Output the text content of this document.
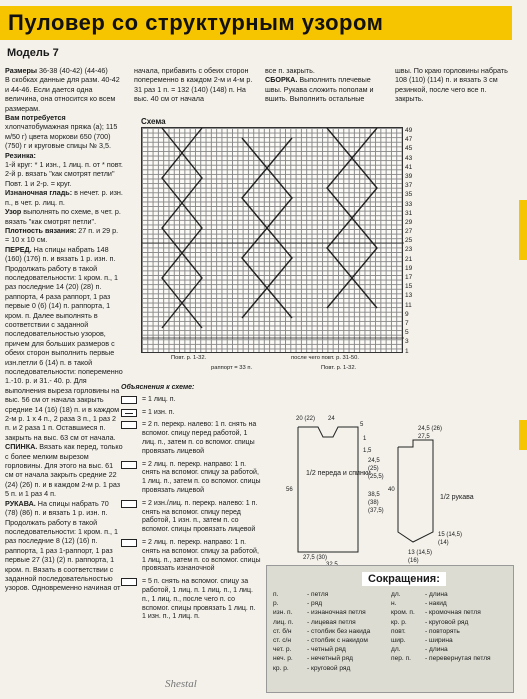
Пуловер со структурным узором
Модель 7

Размеры 36-38 (40-42) (44-46)

В скобках данные для разм. 40-42 и 44-46. Если дается одна величина, она относится ко всем размерам.

Вам потребуется хлопчатобумажная пряжа (a); 115 м/50 г) цвета моркови 650 (700) (750) г и круговые спицы № 3,5.

Резинка:

1-й круг: * 1 изн., 1 лиц. п. от * повт.

2-й р. вязать "как смотрят петли"

Повт. 1 и 2-р. = круг.

Изнаночная гладь: в нечет. р. изн. п., в чет. р. лиц. п.

Узор выполнять по схеме, в чет. р. вязать "как смотрят петли".

Плотность вязания: 27 п. и 29 р. = 10 х 10 см.

ПЕРЕД. На спицы набрать 148 (160) (176) п. и вязать 1 р. изн. п. Продолжать работу в такой последовательности: 1 кром. п., 1 раз последние 14 (20) (28) п. раппорта, 4 раза раппорт, 1 раз первые 0 (6) (14) п. раппорта, 1 кром. п. Далее выполнять в соответствии с заданной последовательностью узоров, причем для больших размеров с обеих сторон выполнить первые изн.петли 6 (14) п. в такой последовательности: попеременно 1.-10. р. и 31.- 40. р. Для выполнения выреза горловины на выс. 56 см от начала закрыть средние 14 (16) (18) п. и в каждом 2-м р. 1 х 4 п., 2 раза 3 п., 1 раз 2 п. и 2 раза 1 п. Оставшиеся п. закрыть на выс. 63 см от начала.

СПИНКА. Вязать как перед, только с более мелким вырезом горловины. Для этого на выс. 61 см от начала закрыть средние 22 (24) (26) п. и в каждом 2-м р. 1 раз 5 п. и 1 раз 4 п.

РУКАВА. На спицы набрать 70 (78) (86) п. и вязать 1 р. изн. п. Продолжать работу в такой последовательности: 1 кром. п., 1 раз последние 8 (12) (16) п. раппорта, 1 раз 1-раппорт, 1 раз первые 27 (31) (2) п. раппорта, 1 кром. п. Вязать в соответствии с заданной последовательностью узоров. Одновременно начиная от

начала, прибавить с обеих сторон попеременно в каждом 2-м и 4-м р. 31 раз 1 п. = 132 (140) (148) п. На выс. 40 см от начала

все п. закрыть.

СБОРКА. Выполнить плечевые швы. Рукава сложить пополам и вшить. Выполнить остальные

швы. По краю горловины набрать 108 (110) (114) п. и вязать 3 см резинкой, после чего все п. закрыть.

Схема
49
47
45
43
41
39
37
35
33
31
29
27
25
23
21
19
17
15
13
11
9
7
5
3
1
Повт. р. 1-32.	после чего повт. р. 31-50.
раппорт = 33 п.	Повт. р. 1-32.
Объяснения к схеме:
= 1 лиц. п.
= 1 изн. п.
= 2 п. перекр. налево: 1 п. снять на вспомог. спицу перед работой, 1 лиц. п., затем п. со вспомог. спицы провязать лицевой
= 2 лиц. п. перекр. направо: 1 п. снять на вспомог. спицу за работой, 1 лиц. п., затем п. со вспомог. спицы провязать лицевой
= 2 изн./лиц. п. перекр. налево: 1 п. снять на вспомог. спицу перед работой, 1 изн. п., затем п. со вспомог. спицы провязать лицевой
= 2 лиц. п. перекр. направо: 1 п. снять на вспомог. спицу за работой, 1 лиц. п., затем п. со вспомог. спицы провязать изнаночной
= 5 п. снять на вспомог. спицу за работой, 1 лиц. п. 1 лиц. п., 1 лиц. п., 1 лиц. п., после чего п. со вспомог. спицы провязать 1 лиц. п. 1 изн. п., 1 лиц. п.
1/2 переда и спинки
1/2 рукава
20 (22) 24
5
1
1,5
24,5
(25)
(25,5)
56
38,5
(38)
(37,5)
27,5 (30)
40
24,5 (26)
27,5
15 (14,5)
(14)
13 (14,5)
(16)
Сокращения:
п.	- петля
р.	- ряд
изн. п.	- изнаночная петля
лиц. п.	- лицевая петля
ст. б/н	- столбик без накида
ст. с/н	- столбик с накидом
чет. р.	- четный ряд
неч. р.	- нечетный ряд
кр. р.	- круговой ряд
дл.	- длина
н.	- накид
кром. п.	- кромочная петля
кр. р.	- круговой ряд
повт.	- повторять
шир.	- ширина
дл.	- длина
пер. п.	- перевернутая петля
Shestal
